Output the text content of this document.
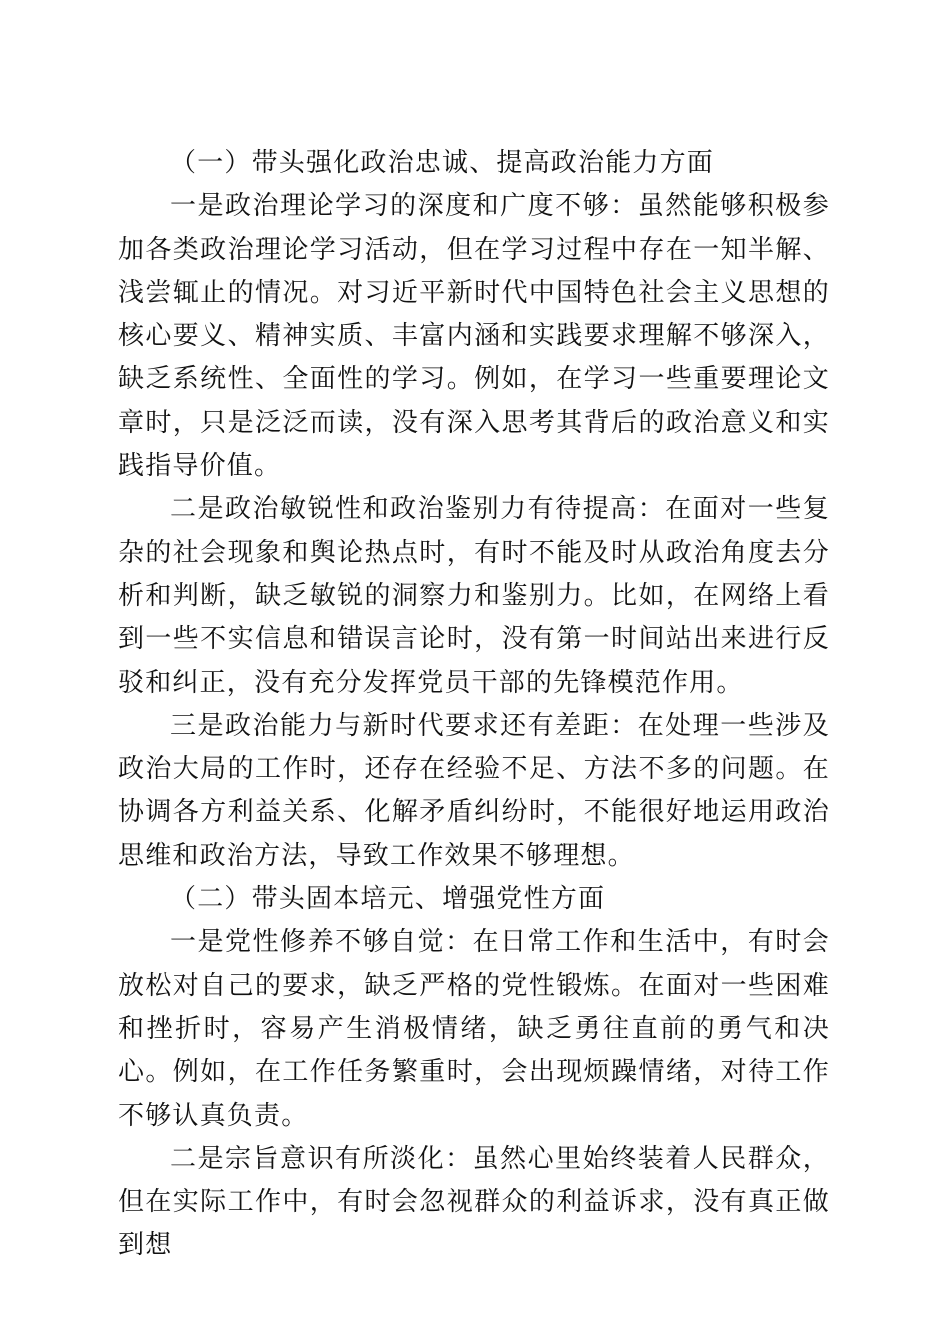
（一）带头强化政治忠诚、提高政治能力方面

一是政治理论学习的深度和广度不够：虽然能够积极参加各类政治理论学习活动，但在学习过程中存在一知半解、浅尝辄止的情况。对习近平新时代中国特色社会主义思想的核心要义、精神实质、丰富内涵和实践要求理解不够深入，缺乏系统性、全面性的学习。例如，在学习一些重要理论文章时，只是泛泛而读，没有深入思考其背后的政治意义和实践指导价值。

二是政治敏锐性和政治鉴别力有待提高：在面对一些复杂的社会现象和舆论热点时，有时不能及时从政治角度去分析和判断，缺乏敏锐的洞察力和鉴别力。比如，在网络上看到一些不实信息和错误言论时，没有第一时间站出来进行反驳和纠正，没有充分发挥党员干部的先锋模范作用。

三是政治能力与新时代要求还有差距：在处理一些涉及政治大局的工作时，还存在经验不足、方法不多的问题。在协调各方利益关系、化解矛盾纠纷时，不能很好地运用政治思维和政治方法，导致工作效果不够理想。

（二）带头固本培元、增强党性方面

一是党性修养不够自觉：在日常工作和生活中，有时会放松对自己的要求，缺乏严格的党性锻炼。在面对一些困难和挫折时，容易产生消极情绪，缺乏勇往直前的勇气和决心。例如，在工作任务繁重时，会出现烦躁情绪，对待工作不够认真负责。

二是宗旨意识有所淡化：虽然心里始终装着人民群众，但在实际工作中，有时会忽视群众的利益诉求，没有真正做到想
